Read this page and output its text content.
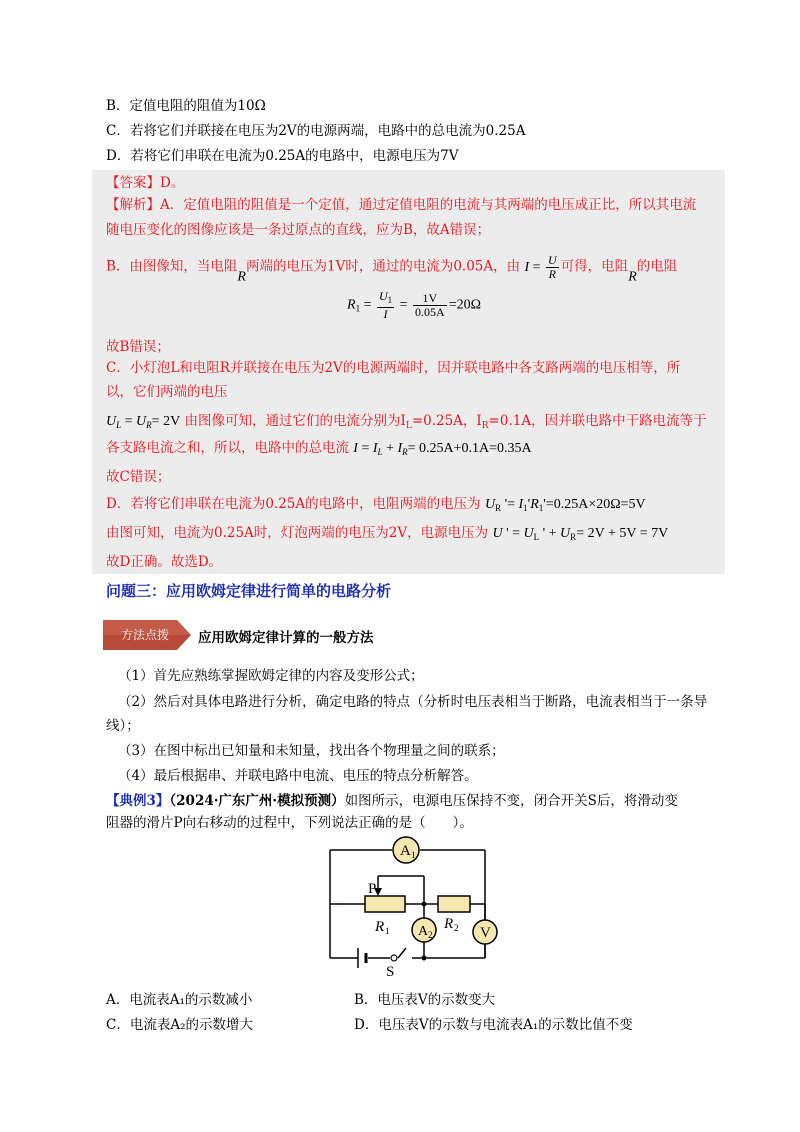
B．定值电阻的阻值为10Ω
C．若将它们并联接在电压为2V的电源两端，电路中的总电流为0.25A
D．若将它们串联在电流为0.25A的电路中，电源电压为7V
【答案】D。
【解析】A．定值电阻的阻值是一个定值，通过定值电阻的电流与其两端的电压成正比，所以其电流
随电压变化的图像应该是一条过原点的直线，应为B，故A错误；
B．由图像知，当电阻R两端的电压为1V时，通过的电流为0.05A，由 $I = \frac{U}{R}$ 可得，电阻R的电阻
$R_1 = \frac{U_1}{I} = \frac{1V}{0.05A} =20\Omega$
故B错误；
C．小灯泡L和电阻R并联接在电压为2V的电源两端时，因并联电路中各支路两端的电压相等，所
以，它们两端的电压
$U_L = U_R= 2V$ 由图像可知，通过它们的电流分别为$I_L=0.25A$，$I_R=0.1A$，因并联电路中干路电流等于
各支路电流之和，所以，电路中的总电流 $I = I_L + I_R= 0.25A+0.1A=0.35A$
故C错误；
D．若将它们串联在电流为0.25A的电路中，电阻两端的电压为 $U_R$ '= $I_1'R_1'=0.25A\times 20\Omega=5V$
由图可知，电流为0.25A时，灯泡两端的电压为2V，电源电压为 U ' = $U_L$ ' + $U_R= 2V + 5V = 7V$
故D正确。故选D。
问题三：应用欧姆定律进行简单的电路分析
方法点拨	应用欧姆定律计算的一般方法
（1）首先应熟练掌握欧姆定律的内容及变形公式；
（2）然后对具体电路进行分析，确定电路的特点（分析时电压表相当于断路，电流表相当于一条导
线）；
（3）在图中标出已知量和未知量，找出各个物理量之间的联系；
（4）最后根据串、并联电路中电流、电压的特点分析解答。
【典例3】（2024·广东广州·模拟预测）如图所示，电源电压保持不变，闭合开关S后，将滑动变
阻器的滑片P向右移动的过程中，下列说法正确的是（　　）。
A 1
A 2	V
P
R 1	R 2
S
A．电流表A₁的示数减小	B．电压表V的示数变大
C．电流表A₂的示数增大	D．电压表V的示数与电流表A₁的示数比值不变
